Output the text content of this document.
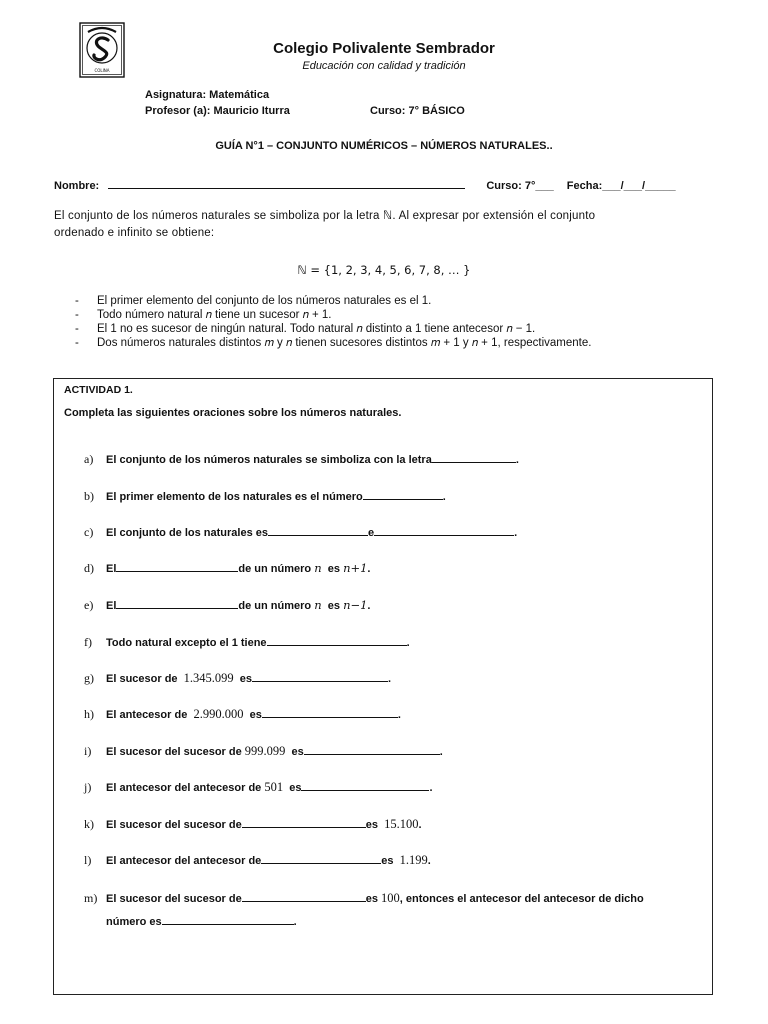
COLINA
Colegio Polivalente Sembrador
Educación con calidad y tradición
Asignatura: Matemática
Profesor (a): Mauricio Iturra	Curso: 7° BÁSICO
GUÍA N°1 – CONJUNTO NUMÉRICOS – NÚMEROS NATURALES..
Nombre:	Curso: 7°___ Fecha:___/___/_____
El conjunto de los números naturales se simboliza por la letra ℕ. Al expresar por extensión el conjunto
ordenado e infinito se obtiene:
ℕ = {1, 2, 3, 4, 5, 6, 7, 8, … }
- El primer elemento del conjunto de los números naturales es el 1.
- Todo número natural 𝑛 tiene un sucesor 𝑛 + 1.
- El 1 no es sucesor de ningún natural. Todo natural 𝑛 distinto a 1 tiene antecesor 𝑛 − 1.
- Dos números naturales distintos 𝑚 y 𝑛 tienen sucesores distintos 𝑚 + 1 y 𝑛 + 1, respectivamente.
ACTIVIDAD 1.
Completa las siguientes oraciones sobre los números naturales.
a) El conjunto de los números naturales se simboliza con la letra	.
b) El primer elemento de los naturales es el número	.
c) El conjunto de los naturales es	e	.
d) El	de un número n es n+1.
e) El	de un número n es n−1.
f) Todo natural excepto el 1 tiene	.
g) El sucesor de 1.345.099 es	.
h) El antecesor de 2.990.000 es	.
i) El sucesor del sucesor de 999.099 es	.
j) El antecesor del antecesor de 501 es	.
k) El sucesor del sucesor de	es 15.100.
l) El antecesor del antecesor de	es 1.199.
m) El sucesor del sucesor de	es 100, entonces el antecesor del antecesor de dicho
número es	.
